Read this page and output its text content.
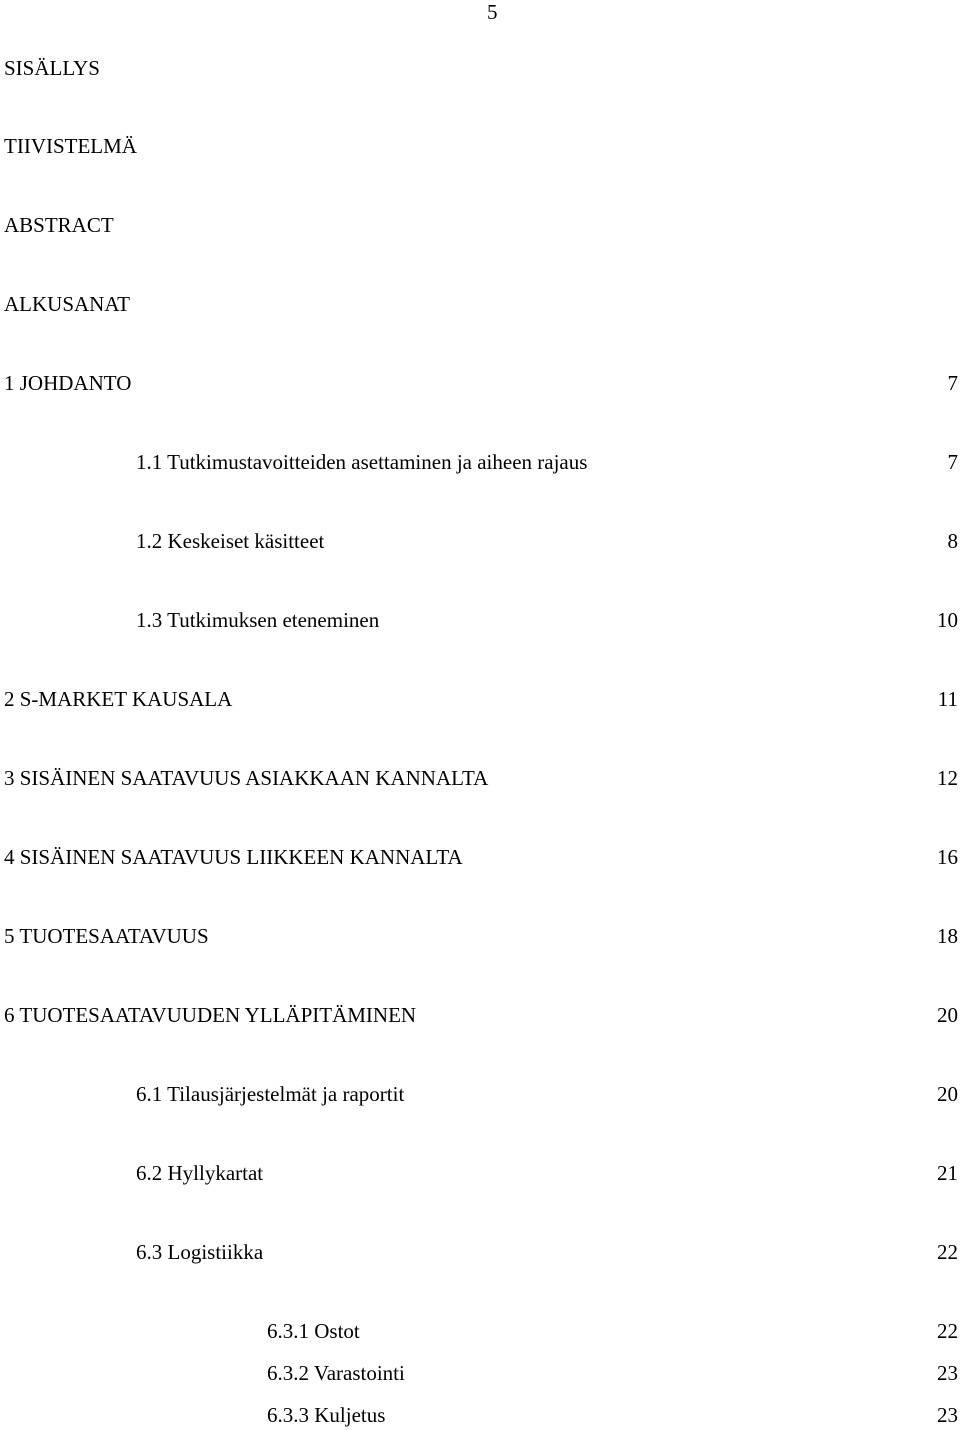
5
SISÄLLYS
TIIVISTELMÄ
ABSTRACT
ALKUSANAT
1 JOHDANTO	7
1.1 Tutkimustavoitteiden asettaminen ja aiheen rajaus	7
1.2 Keskeiset käsitteet	8
1.3 Tutkimuksen eteneminen	10
2 S-MARKET KAUSALA	11
3 SISÄINEN SAATAVUUS ASIAKKAAN KANNALTA	12
4 SISÄINEN SAATAVUUS LIIKKEEN KANNALTA	16
5 TUOTESAATAVUUS	18
6 TUOTESAATAVUUDEN YLLÄPITÄMINEN	20
6.1 Tilausjärjestelmät ja raportit	20
6.2 Hyllykartat	21
6.3 Logistiikka	22
6.3.1 Ostot	22
6.3.2 Varastointi	23
6.3.3 Kuljetus	23
